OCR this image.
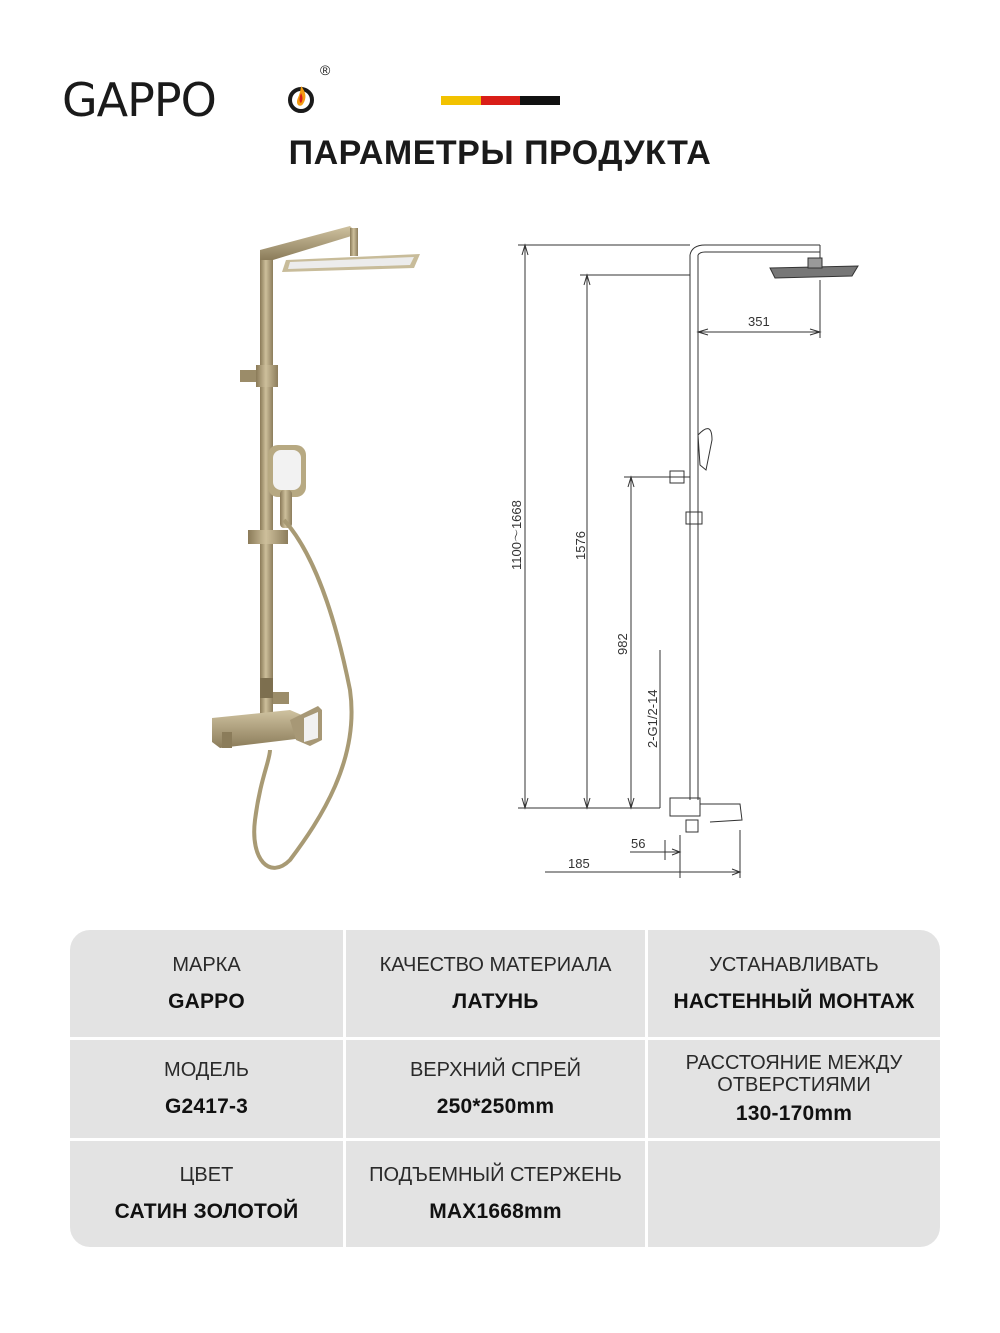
GAPPO
®
ПАРАМЕТРЫ ПРОДУКТА
351
1100～1668	1576
982
2-G1/2-14
56
185
МАРКА
GAPPO
КАЧЕСТВО МАТЕРИАЛА
ЛАТУНЬ
УСТАНАВЛИВАТЬ
НАСТЕННЫЙ МОНТАЖ
МОДЕЛЬ
G2417-3
ВЕРХНИЙ СПРЕЙ
250*250mm
РАССТОЯНИЕ МЕЖДУ ОТВЕРСТИЯМИ
130-170mm
ЦВЕТ
САТИН ЗОЛОТОЙ
ПОДЪЕМНЫЙ СТЕРЖЕНЬ
MAX1668mm
